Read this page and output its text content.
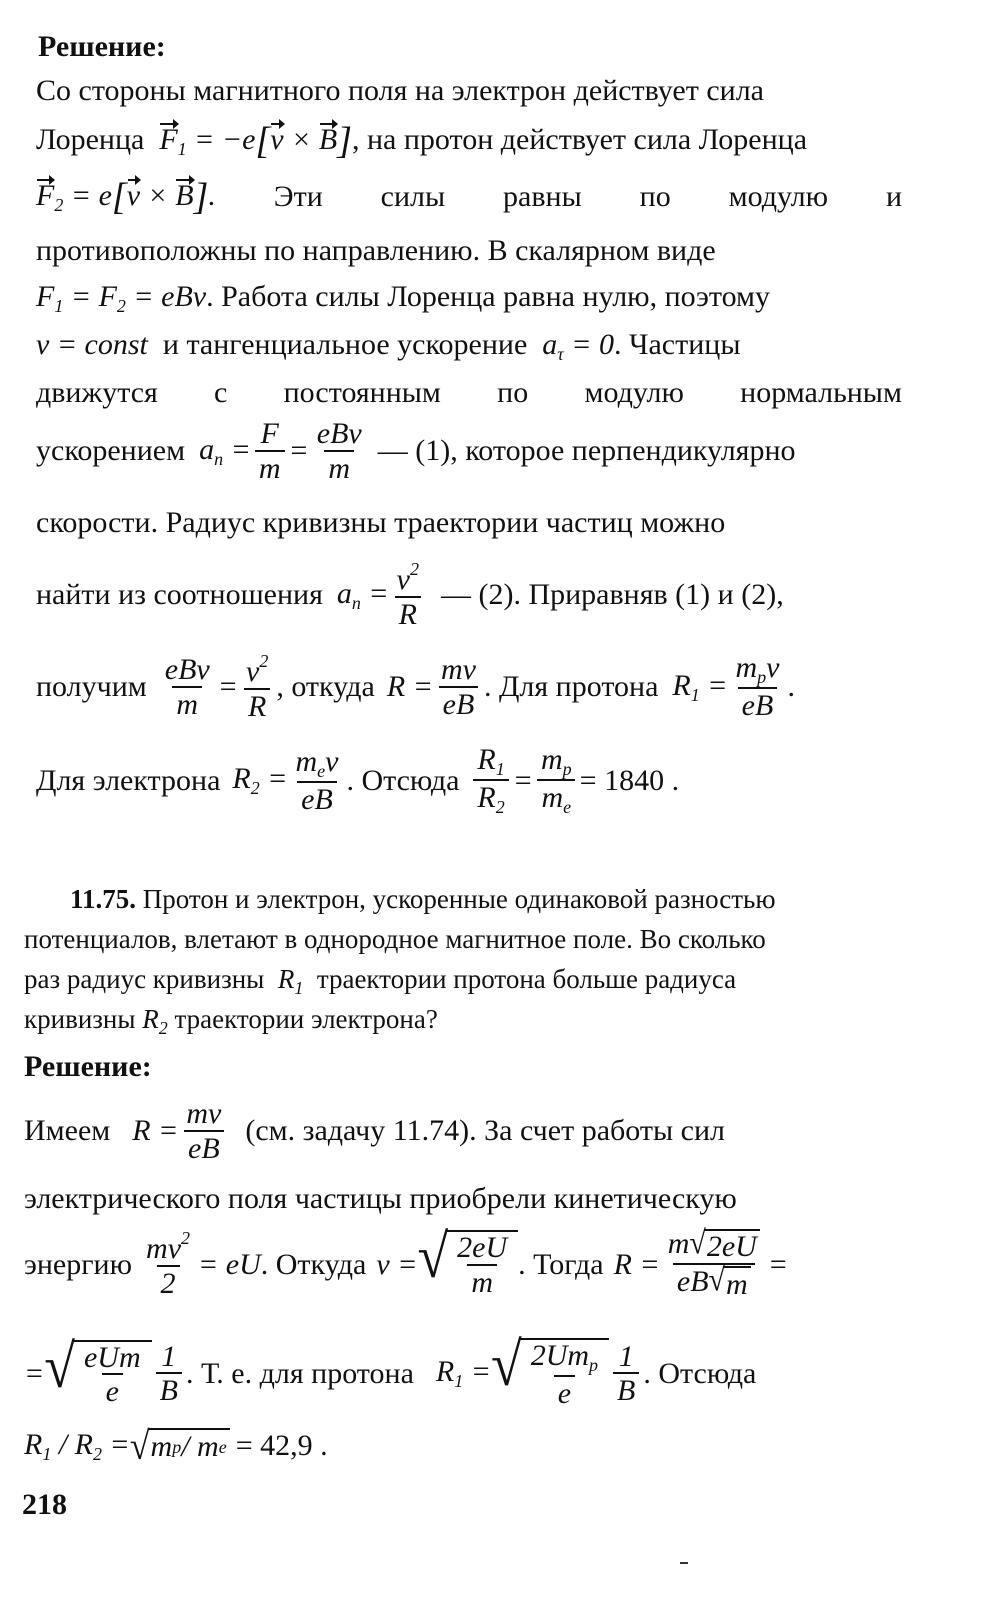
Решение:
Со стороны магнитного поля на электрон действует сила
Лоренца $F_1 = -e[v \times B]$, на протон действует сила Лоренца
$F_2 = e[v \times B]$. Эти силы равны по модулю и
противоположны по направлению. В скалярном виде
$F_1 = F_2$ = eBv. Работа силы Лоренца равна нулю, поэтому
v = const и тангенциальное ускорение $a_\tau = 0$. Частицы
движутся с постоянным по модулю нормальным
ускорением $a_n = \frac{F}{m} = \frac{\text{eBv}}{m}$ — (1), которое перпендикулярно
скорости. Радиус кривизны траектории частиц можно
найти из соотношения $a_n = \frac{v^2}{R}$ — (2). Приравняв (1) и (2),
получим $\frac{\text{eBv}}{m} = \frac{v^2}{R}$ , откуда $R = \frac{mv}{eB}$ . Для протона $R_1 = \frac{m_pv}{eB}$ .
Для электрона $R_2 = \frac{m_ev}{eB}$ . Отсюда $\frac{R_1}{R_2} = \frac{m_p}{m_e} = 1840$ .
11.75. Протон и электрон, ускоренные одинаковой разностью
потенциалов, влетают в однородное магнитное поле. Во сколько
раз радиус кривизны $R_1$ траектории протона больше радиуса
кривизны $R_2$ траектории электрона?
Решение:
Имеем $R = \frac{mv}{eB} (см$. задачу 11.74). За счет работы сил
электрического поля частицы приобрели кинетическую
энергию $\frac{mv^2}{2}$ = eU . Откуда v = √ $\frac{2eU}{m}$ . Тогда $R = \frac{m √ 2eU}{eB √ m}$ =
= √ $\frac{\text{eUm}}{e} \frac{1}{B}$ . Т. е. для протона $R_1$ = √ $\frac{2Um_p}{e} \frac{1}{B}$ . Отсюда
$R_1 / R_2$ = √ m p / m e = 42,9 .
218
